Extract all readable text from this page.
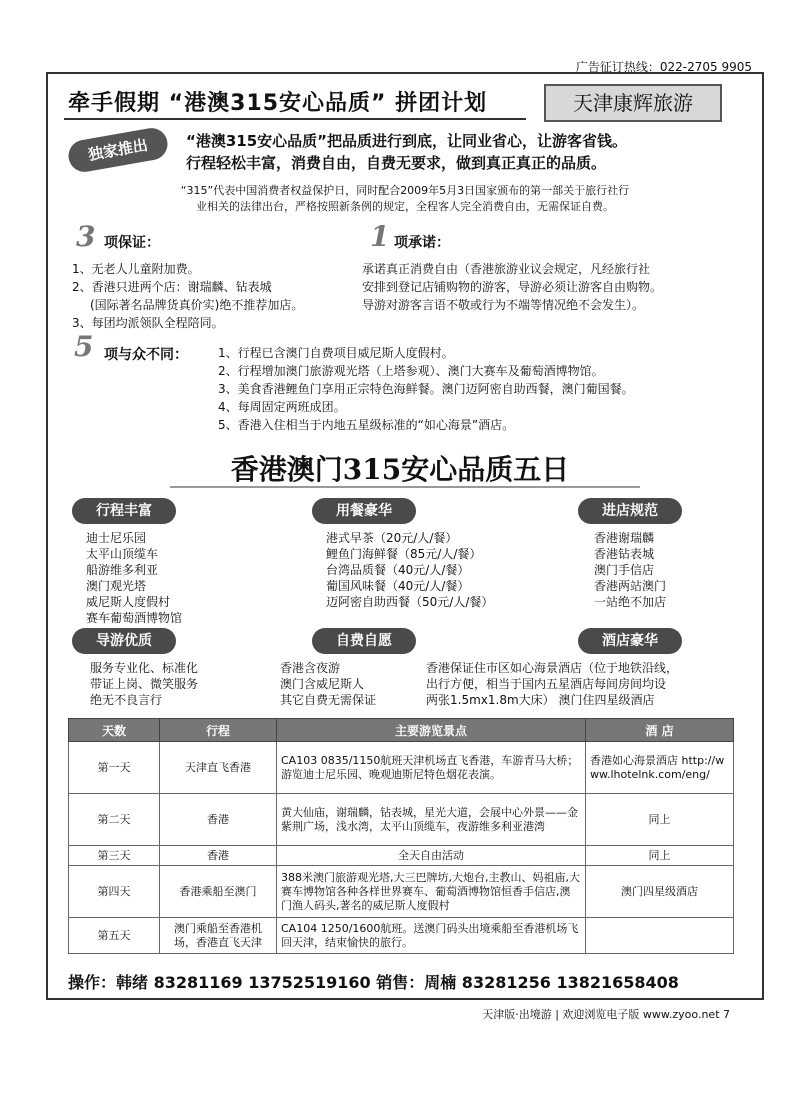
广告征订热线：022-2705 9905
牵手假期 “港澳315安心品质” 拼团计划	天津康辉旅游
独家推出	“港澳315安心品质”把品质进行到底，让同业省心，让游客省钱。
行程轻松丰富，消费自由，自费无要求，做到真正真正的品质。
“315”代表中国消费者权益保护日，同时配合2009年5月3日国家颁布的第一部关于旅行社行
业相关的法律出台，严格按照新条例的规定，全程客人完全消费自由，无需保证自费。
3 项保证：
1、无老人儿童附加费。
2、香港只进两个店：谢瑞麟、钻表城
(国际著名品牌货真价实)绝不推荐加店。
3、每团均派领队全程陪同。
1 项承诺：
承诺真正消费自由（香港旅游业议会规定，凡经旅行社
安排到登记店铺购物的游客，导游必须让游客自由购物。
导游对游客言语不敬或行为不端等情况绝不会发生）。
5 项与众不同：	1、行程已含澳门自费项目威尼斯人度假村。
2、行程增加澳门旅游观光塔（上塔参观）、澳门大赛车及葡萄酒博物馆。
3、美食香港鲤鱼门享用正宗特色海鲜餐。澳门迈阿密自助西餐，澳门葡国餐。
4、每周固定两班成团。
5、香港入住相当于内地五星级标准的“如心海景”酒店。
香港澳门315安心品质五日
行程丰富	用餐豪华	进店规范
迪士尼乐园
太平山顶缆车
船游维多利亚
澳门观光塔
威尼斯人度假村
赛车葡萄酒博物馆
港式早茶（20元/人/餐）
鲤鱼门海鲜餐（85元/人/餐）
台湾品质餐（40元/人/餐）
葡国风味餐（40元/人/餐）
迈阿密自助西餐（50元/人/餐）
香港谢瑞麟
香港钻表城
澳门手信店
香港两站澳门
一站绝不加店
导游优质	自费自愿	酒店豪华
服务专业化、标准化
带证上岗、微笑服务
绝无不良言行
香港含夜游
澳门含威尼斯人
其它自费无需保证
香港保证住市区如心海景酒店（位于地铁沿线，
出行方便，相当于国内五星酒店每间房间均设
两张1.5mx1.8m大床） 澳门住四星级酒店
天数	行程	主要游览景点	酒 店
第一天	天津直飞香港	CA103 0835/1150航班天津机场直飞香港，车游青马大桥；游览迪士尼乐园、晚观迪斯尼特色烟花表演。	香港如心海景酒店 http://www.lhotelnk.com/eng/
第二天	香港	黄大仙庙，谢瑞麟，钻表城，星光大道，会展中心外景——金紫荆广场，浅水湾，太平山顶缆车，夜游维多利亚港湾	同上
第三天	香港	全天自由活动	同上
第四天	香港乘船至澳门	388米澳门旅游观光塔,大三巴牌坊,大炮台,主教山、妈祖庙,大赛车博物馆各种各样世界赛车、葡萄酒博物馆恒香手信店,澳门渔人码头,著名的威尼斯人度假村	澳门四星级酒店
第五天	澳门乘船至香港机场，香港直飞天津	CA104 1250/1600航班。送澳门码头出境乘船至香港机场飞回天津，结束愉快的旅行。	
操作：韩绪 83281169 13752519160 销售：周楠 83281256 13821658408
天津版·出境游 | 欢迎浏览电子版 www.zyoo.net 7
